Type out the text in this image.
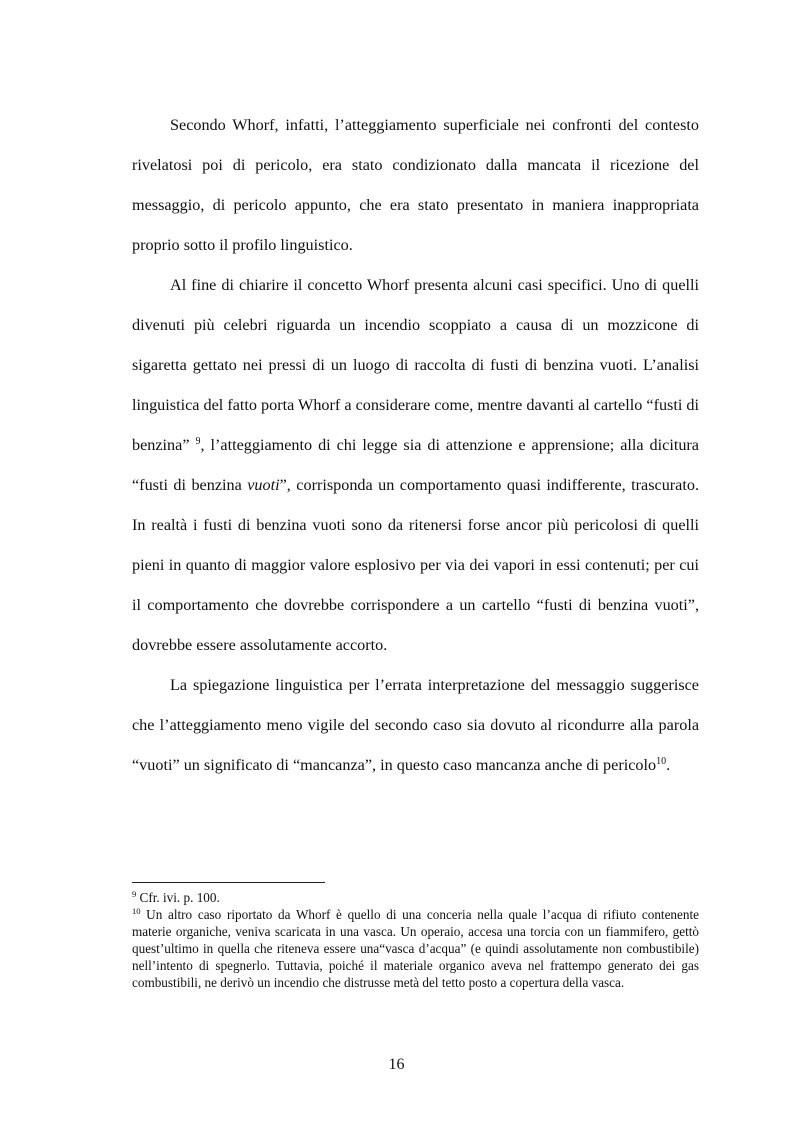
Secondo Whorf, infatti, l’atteggiamento superficiale nei confronti del contesto rivelatosi poi di pericolo, era stato condizionato dalla mancata il ricezione del messaggio, di pericolo appunto, che era stato presentato in maniera inappropriata proprio sotto il profilo linguistico.

Al fine di chiarire il concetto Whorf presenta alcuni casi specifici. Uno di quelli divenuti più celebri riguarda un incendio scoppiato a causa di un mozzicone di sigaretta gettato nei pressi di un luogo di raccolta di fusti di benzina vuoti. L’analisi linguistica del fatto porta Whorf a considerare come, mentre davanti al cartello “fusti di benzina” $^9$, l’atteggiamento di chi legge sia di attenzione e apprensione; alla dicitura “fusti di benzina vuoti”, corrisponda un comportamento quasi indifferente, trascurato. In realtà i fusti di benzina vuoti sono da ritenersi forse ancor più pericolosi di quelli pieni in quanto di maggior valore esplosivo per via dei vapori in essi contenuti; per cui il comportamento che dovrebbe corrispondere a un cartello “fusti di benzina vuoti”, dovrebbe essere assolutamente accorto.

La spiegazione linguistica per l’errata interpretazione del messaggio suggerisce che l’atteggiamento meno vigile del secondo caso sia dovuto al ricondurre alla parola “vuoti” un significato di “mancanza”, in questo caso mancanza anche di pericolo$^{10}$.

$^9$ Cfr. ivi. p. 100.

$^{10}$ Un altro caso riportato da Whorf è quello di una conceria nella quale l’acqua di rifiuto contenente materie organiche, veniva scaricata in una vasca. Un operaio, accesa una torcia con un fiammifero, gettò quest’ultimo in quella che riteneva essere una“vasca d’acqua” (e quindi assolutamente non combustibile) nell’intento di spegnerlo. Tuttavia, poiché il materiale organico aveva nel frattempo generato dei gas combustibili, ne derivò un incendio che distrusse metà del tetto posto a copertura della vasca.

16
